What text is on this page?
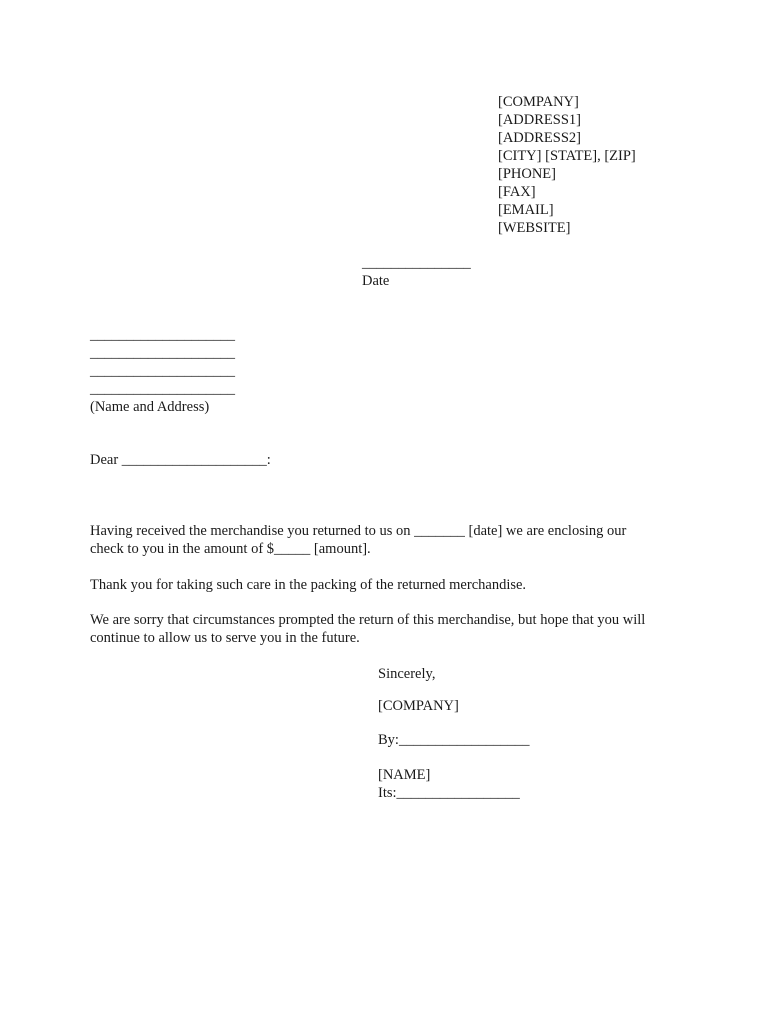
[COMPANY]
[ADDRESS1]
[ADDRESS2]
[CITY] [STATE], [ZIP]
[PHONE]
[FAX]
[EMAIL]
[WEBSITE]
_______________
Date
____________________
____________________
____________________
____________________
(Name and Address)
Dear ____________________:
Having received the merchandise you returned to us on _______ [date] we are enclosing our
check to you in the amount of $_____ [amount].
Thank you for taking such care in the packing of the returned merchandise.
We are sorry that circumstances prompted the return of this merchandise, but hope that you will
continue to allow us to serve you in the future.
Sincerely,
[COMPANY]
By:__________________
[NAME]
Its:_________________
